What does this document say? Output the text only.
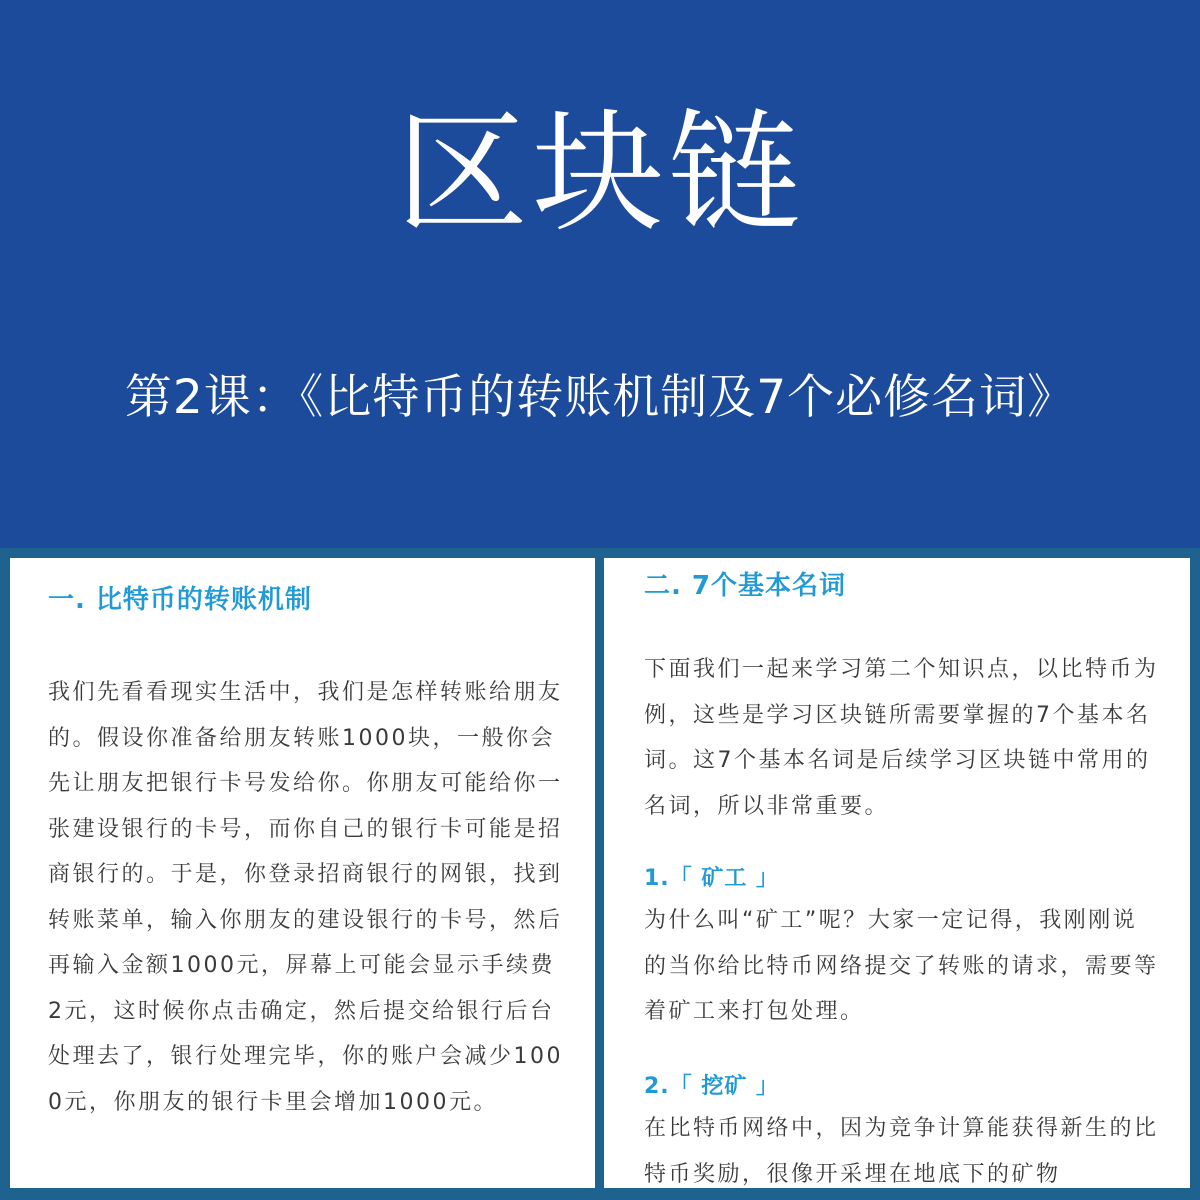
区块链
第2课：《比特币的转账机制及7个必修名词》
一. 比特币的转账机制

我们先看看现实生活中，我们是怎样转账给朋友的。假设你准备给朋友转账1000块，一般你会先让朋友把银行卡号发给你。你朋友可能给你一张建设银行的卡号，而你自己的银行卡可能是招商银行的。于是，你登录招商银行的网银，找到转账菜单，输入你朋友的建设银行的卡号，然后再输入金额1000元，屏幕上可能会显示手续费2元，这时候你点击确定，然后提交给银行后台处理去了，银行处理完毕，你的账户会减少1000元，你朋友的银行卡里会增加1000元。

二. 7个基本名词

下面我们一起来学习第二个知识点，以比特币为例，这些是学习区块链所需要掌握的7个基本名词。这7个基本名词是后续学习区块链中常用的名词，所以非常重要。

1.「 矿工 」

为什么叫“矿工”呢？大家一定记得，我刚刚说的当你给比特币网络提交了转账的请求，需要等着矿工来打包处理。

2.「 挖矿 」

在比特币网络中，因为竞争计算能获得新生的比特币奖励，很像开采埋在地底下的矿物
